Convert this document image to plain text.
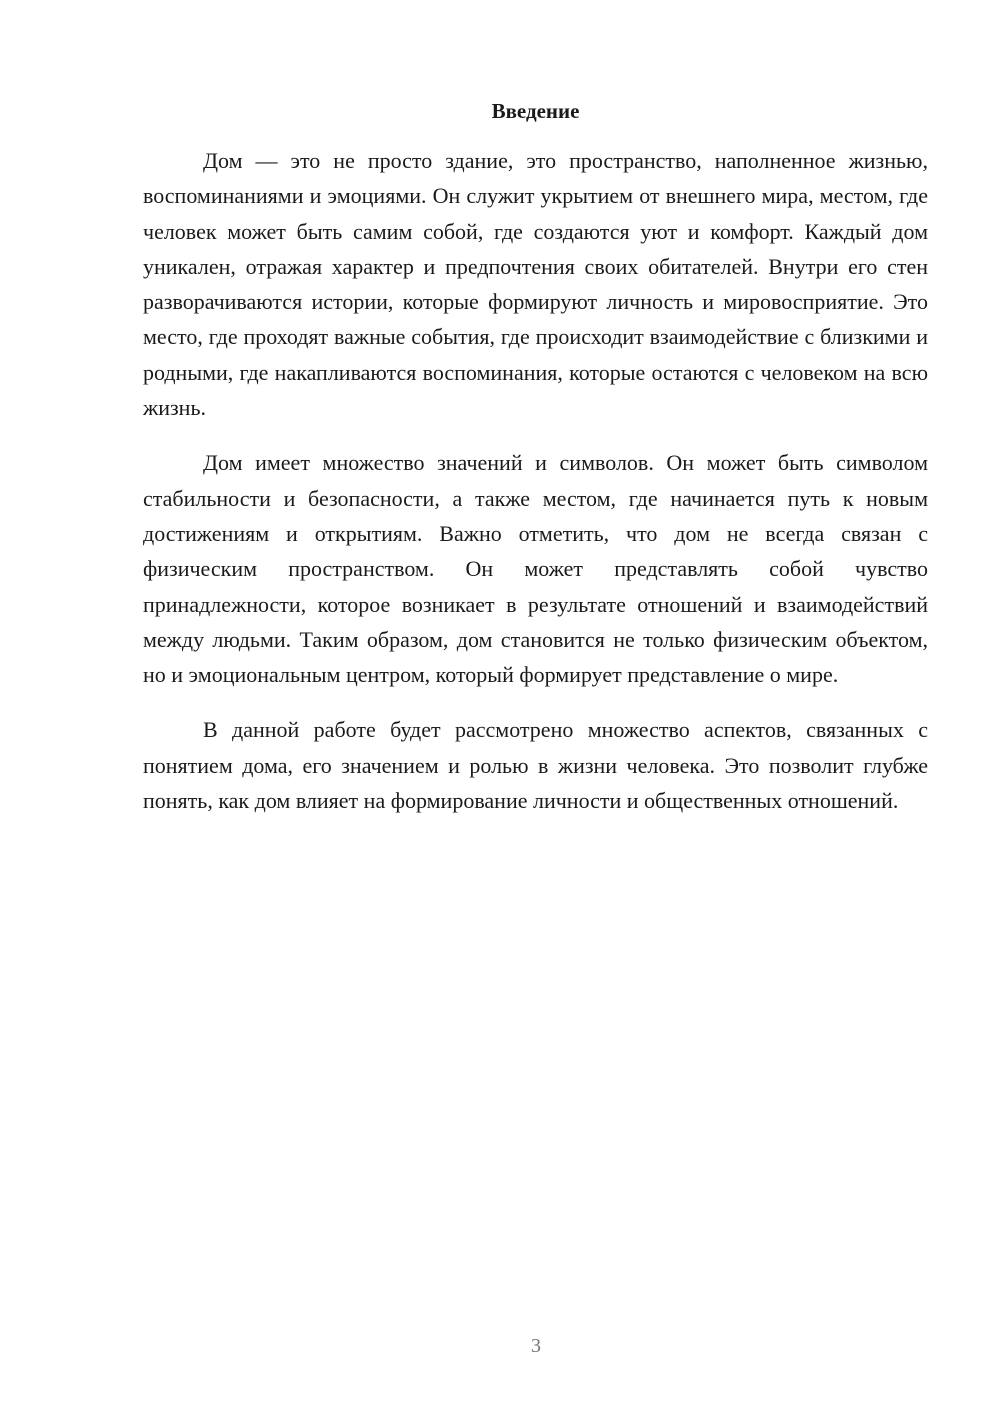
Введение

Дом — это не просто здание, это пространство, наполненное жизнью, воспоминаниями и эмоциями. Он служит укрытием от внешнего мира, местом, где человек может быть самим собой, где создаются уют и комфорт. Каждый дом уникален, отражая характер и предпочтения своих обитателей. Внутри его стен разворачиваются истории, которые формируют личность и мировосприятие. Это место, где проходят важные события, где происходит взаимодействие с близкими и родными, где накапливаются воспоминания, которые остаются с человеком на всю жизнь.

Дом имеет множество значений и символов. Он может быть символом стабильности и безопасности, а также местом, где начинается путь к новым достижениям и открытиям. Важно отметить, что дом не всегда связан с физическим пространством. Он может представлять собой чувство принадлежности, которое возникает в результате отношений и взаимодействий между людьми. Таким образом, дом становится не только физическим объектом, но и эмоциональным центром, который формирует представление о мире.

В данной работе будет рассмотрено множество аспектов, связанных с понятием дома, его значением и ролью в жизни человека. Это позволит глубже понять, как дом влияет на формирование личности и общественных отношений.

3
